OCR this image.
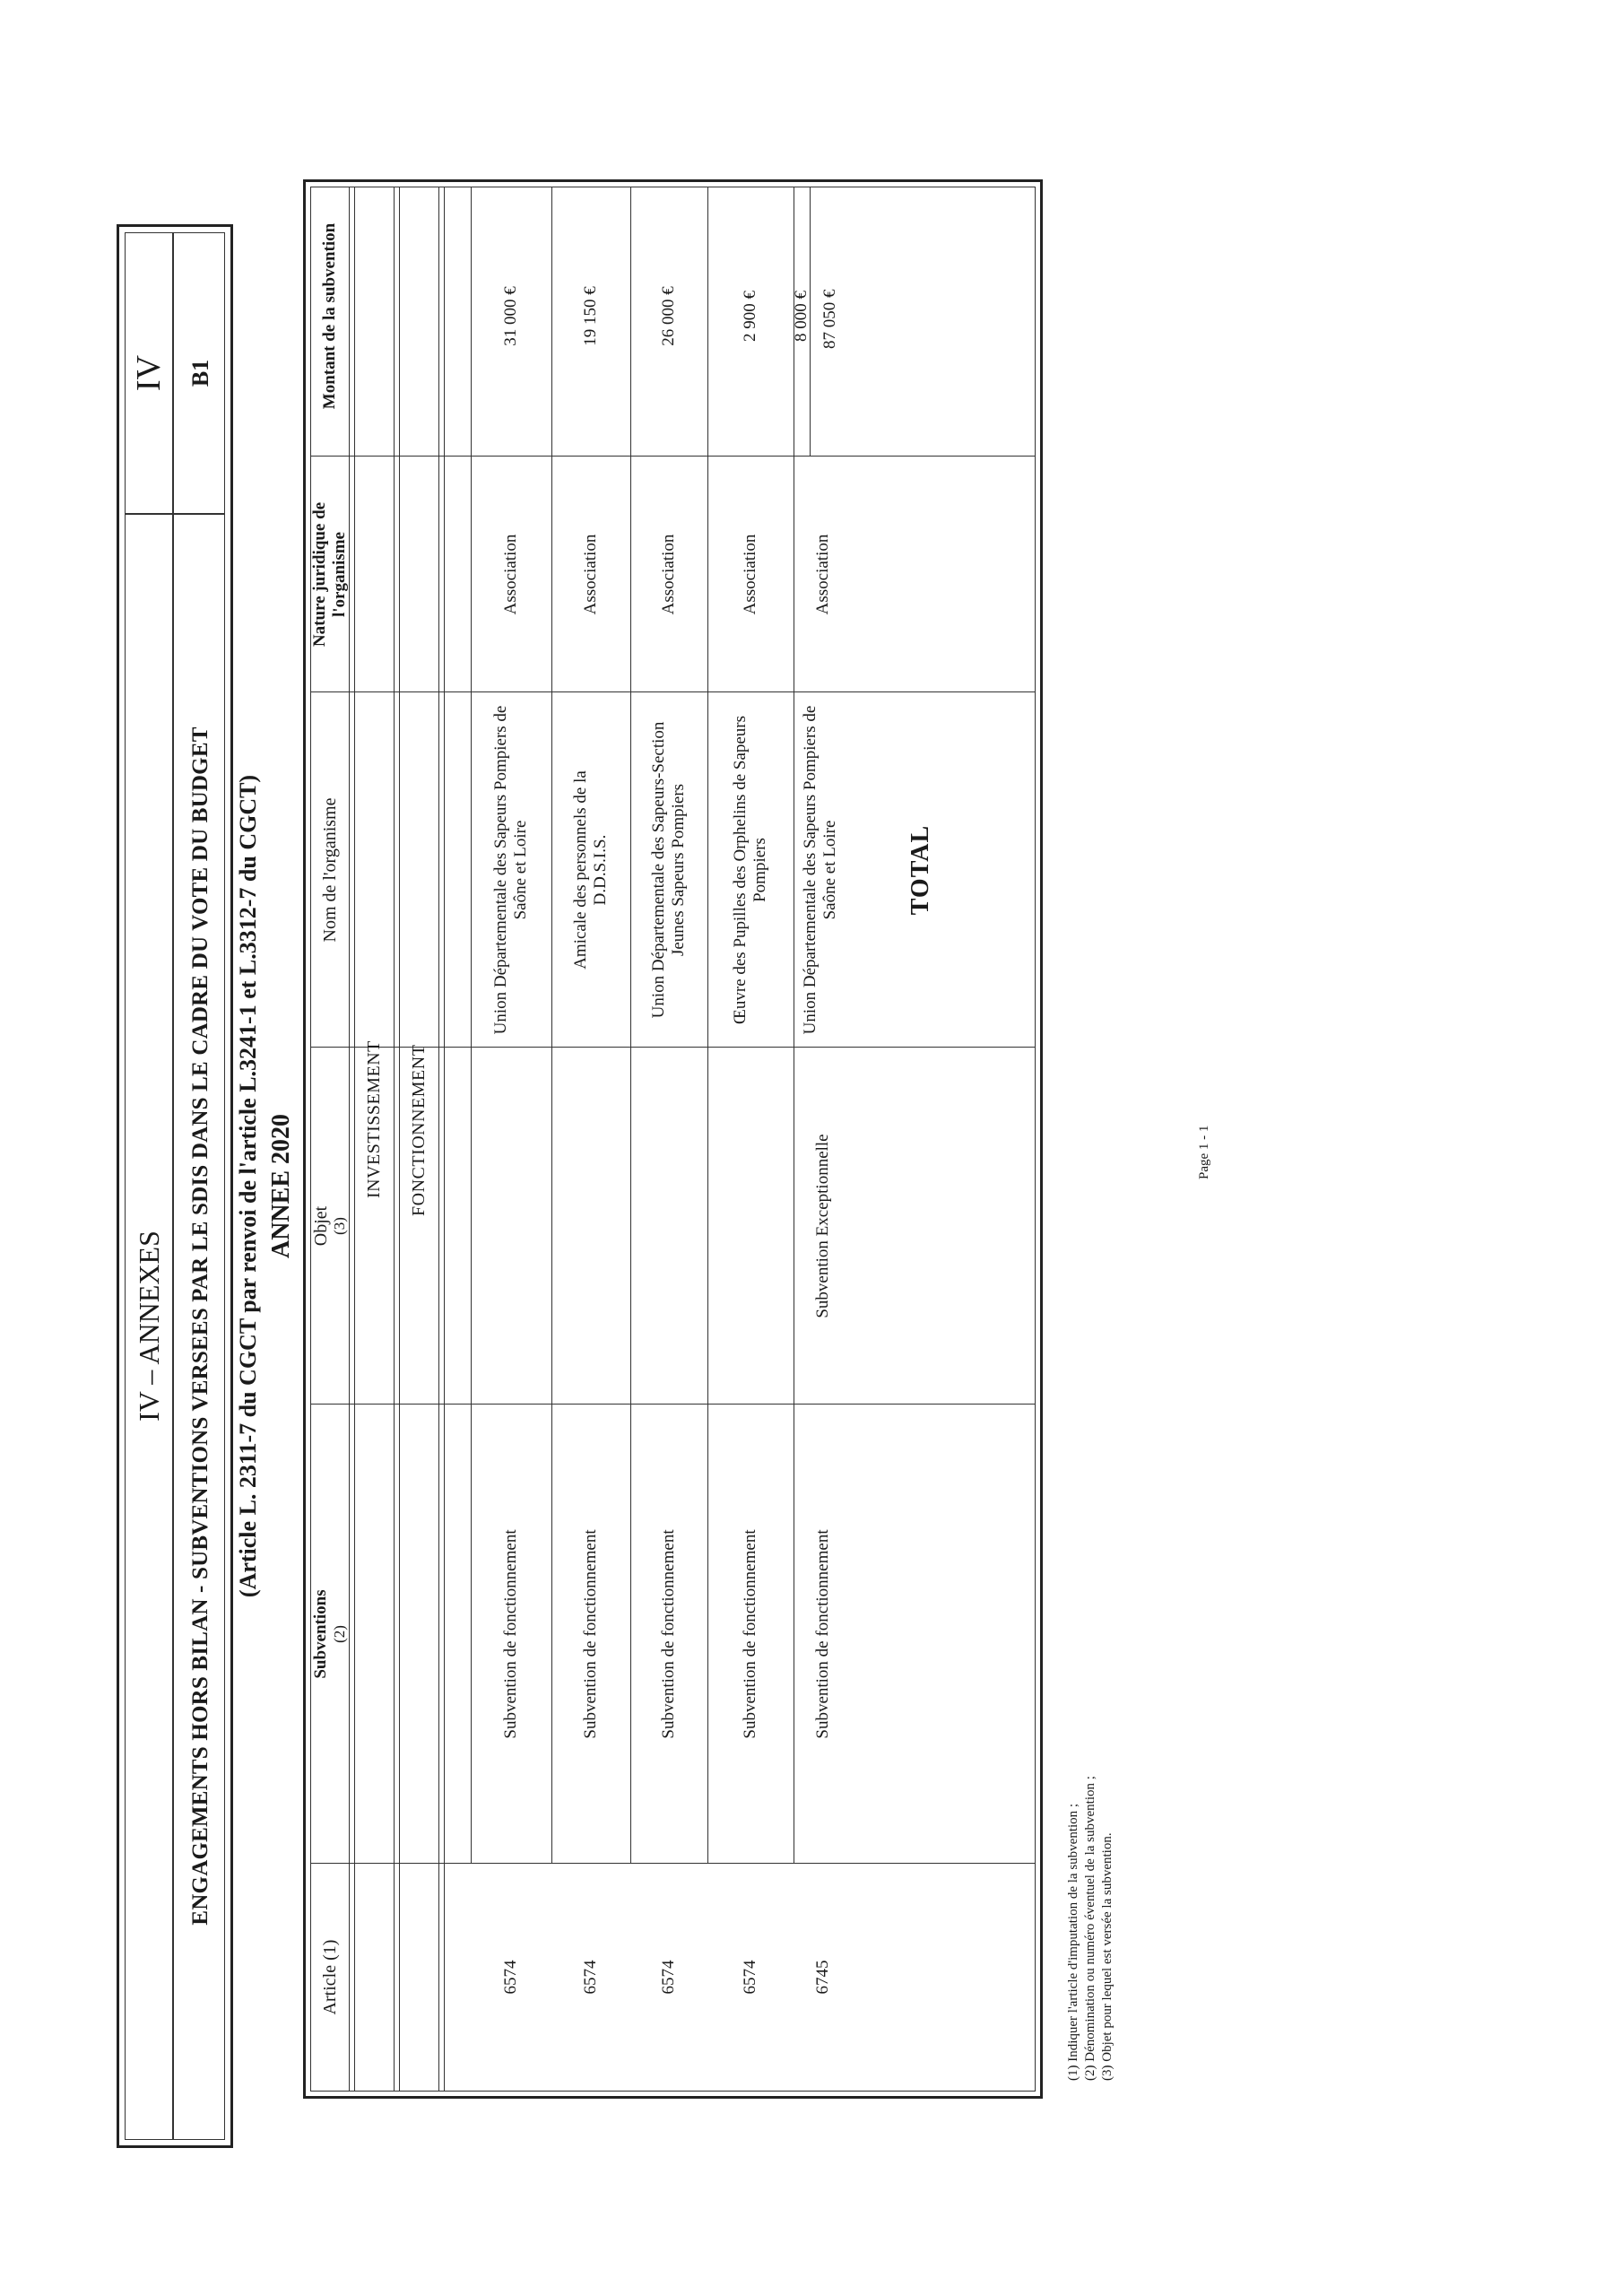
IV – ANNEXES	ENGAGEMENTS HORS BILAN - SUBVENTIONS VERSEES PAR LE SDIS DANS LE CADRE DU VOTE DU BUDGET
IV B1
(Article L. 2311-7 du CGCT par renvoi de l'article L.3241-1 et L.3312-7 du CGCT) ANNEE 2020
Article (1)
Subventions (2)
Objet (3)
Nom de l'organisme
Nature juridique de l'organisme
Montant de la subvention
INVESTISSEMENT	FONCTIONNEMENT
6574
Subvention de fonctionnement
Union Départementale des Sapeurs Pompiers de Saône et Loire
Association
31 000 €
6574
Subvention de fonctionnement
Amicale des personnels de la D.D.S.I.S.
Association
19 150 €
6574
Subvention de fonctionnement
Union Départementale des Sapeurs-Section Jeunes Sapeurs Pompiers
Association
26 000 €
6574
Subvention de fonctionnement
Œuvre des Pupilles des Orphelins de Sapeurs Pompiers
Association
2 900 €
6745
Subvention de fonctionnement
Subvention Exceptionnelle
Union Départementale des Sapeurs Pompiers de Saône et Loire
Association
8 000 €
TOTAL
87 050 €
(1) Indiquer l'article d'imputation de la subvention ; (2) Dénomination ou numéro éventuel de la subvention ; (3) Objet pour lequel est versée la subvention.
Page 1 - 1
